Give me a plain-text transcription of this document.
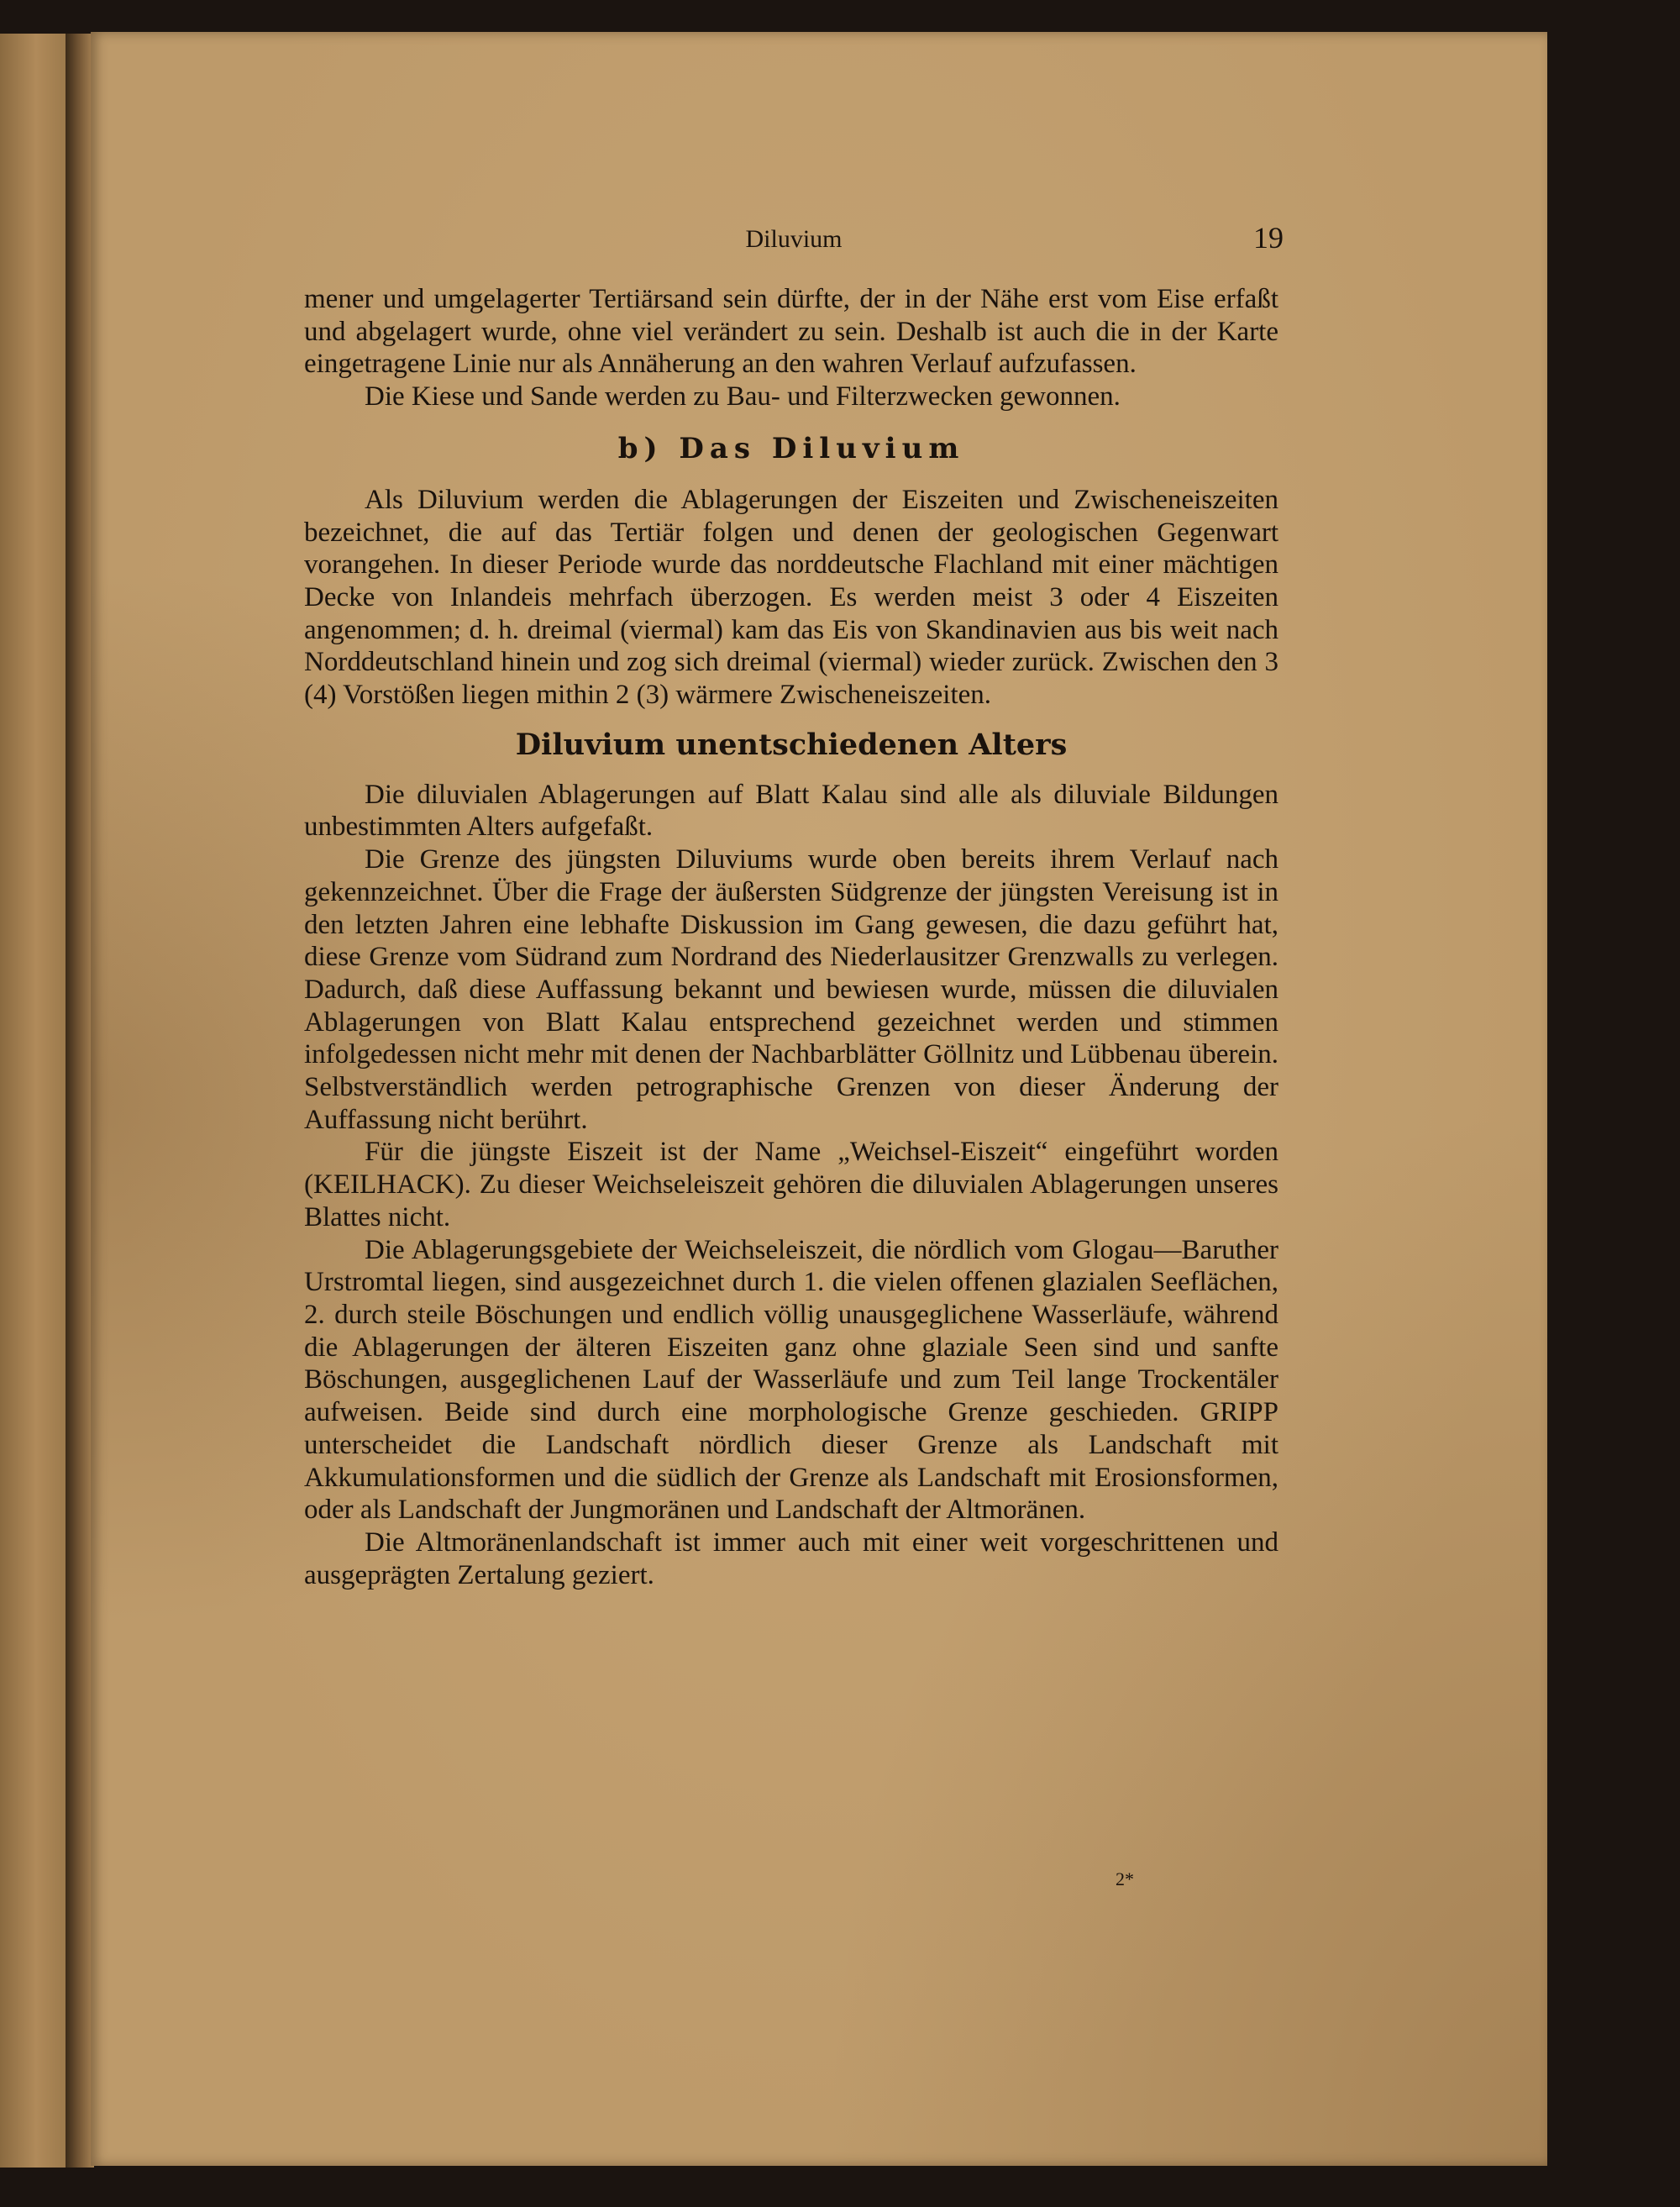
Diluvium	19

mener und umgelagerter Tertiärsand sein dürfte, der in der Nähe erst vom Eise erfaßt und abgelagert wurde, ohne viel verändert zu sein. Deshalb ist auch die in der Karte eingetragene Linie nur als Annäherung an den wahren Verlauf aufzufassen.

Die Kiese und Sande werden zu Bau- und Filterzwecken gewonnen.

b) Das Diluvium

Als Diluvium werden die Ablagerungen der Eiszeiten und Zwischeneiszeiten bezeichnet, die auf das Tertiär folgen und denen der geologischen Gegenwart vorangehen. In dieser Periode wurde das norddeutsche Flachland mit einer mächtigen Decke von Inlandeis mehrfach überzogen. Es werden meist 3 oder 4 Eiszeiten angenommen; d. h. dreimal (viermal) kam das Eis von Skandinavien aus bis weit nach Norddeutschland hinein und zog sich dreimal (viermal) wieder zurück. Zwischen den 3 (4) Vorstößen liegen mithin 2 (3) wärmere Zwischeneiszeiten.

Diluvium unentschiedenen Alters

Die diluvialen Ablagerungen auf Blatt Kalau sind alle als diluviale Bildungen unbestimmten Alters aufgefaßt.

Die Grenze des jüngsten Diluviums wurde oben bereits ihrem Verlauf nach gekennzeichnet. Über die Frage der äußersten Südgrenze der jüngsten Vereisung ist in den letzten Jahren eine lebhafte Diskussion im Gang gewesen, die dazu geführt hat, diese Grenze vom Südrand zum Nordrand des Niederlausitzer Grenzwalls zu verlegen. Dadurch, daß diese Auffassung bekannt und bewiesen wurde, müssen die diluvialen Ablagerungen von Blatt Kalau entsprechend gezeichnet werden und stimmen infolgedessen nicht mehr mit denen der Nachbarblätter Göllnitz und Lübbenau überein. Selbstverständlich werden petrographische Grenzen von dieser Änderung der Auffassung nicht berührt.

Für die jüngste Eiszeit ist der Name „Weichsel-Eiszeit“ eingeführt worden (KEILHACK). Zu dieser Weichseleiszeit gehören die diluvialen Ablagerungen unseres Blattes nicht.

Die Ablagerungsgebiete der Weichseleiszeit, die nördlich vom Glogau—Baruther Urstromtal liegen, sind ausgezeichnet durch 1. die vielen offenen glazialen Seeflächen, 2. durch steile Böschungen und endlich völlig unausgeglichene Wasserläufe, während die Ablagerungen der älteren Eiszeiten ganz ohne glaziale Seen sind und sanfte Böschungen, ausgeglichenen Lauf der Wasserläufe und zum Teil lange Trockentäler aufweisen. Beide sind durch eine morphologische Grenze geschieden. GRIPP unterscheidet die Landschaft nördlich dieser Grenze als Landschaft mit Akkumulationsformen und die südlich der Grenze als Landschaft mit Erosionsformen, oder als Landschaft der Jungmoränen und Landschaft der Altmoränen.

Die Altmoränenlandschaft ist immer auch mit einer weit vorgeschrittenen und ausgeprägten Zertalung geziert.

2*
